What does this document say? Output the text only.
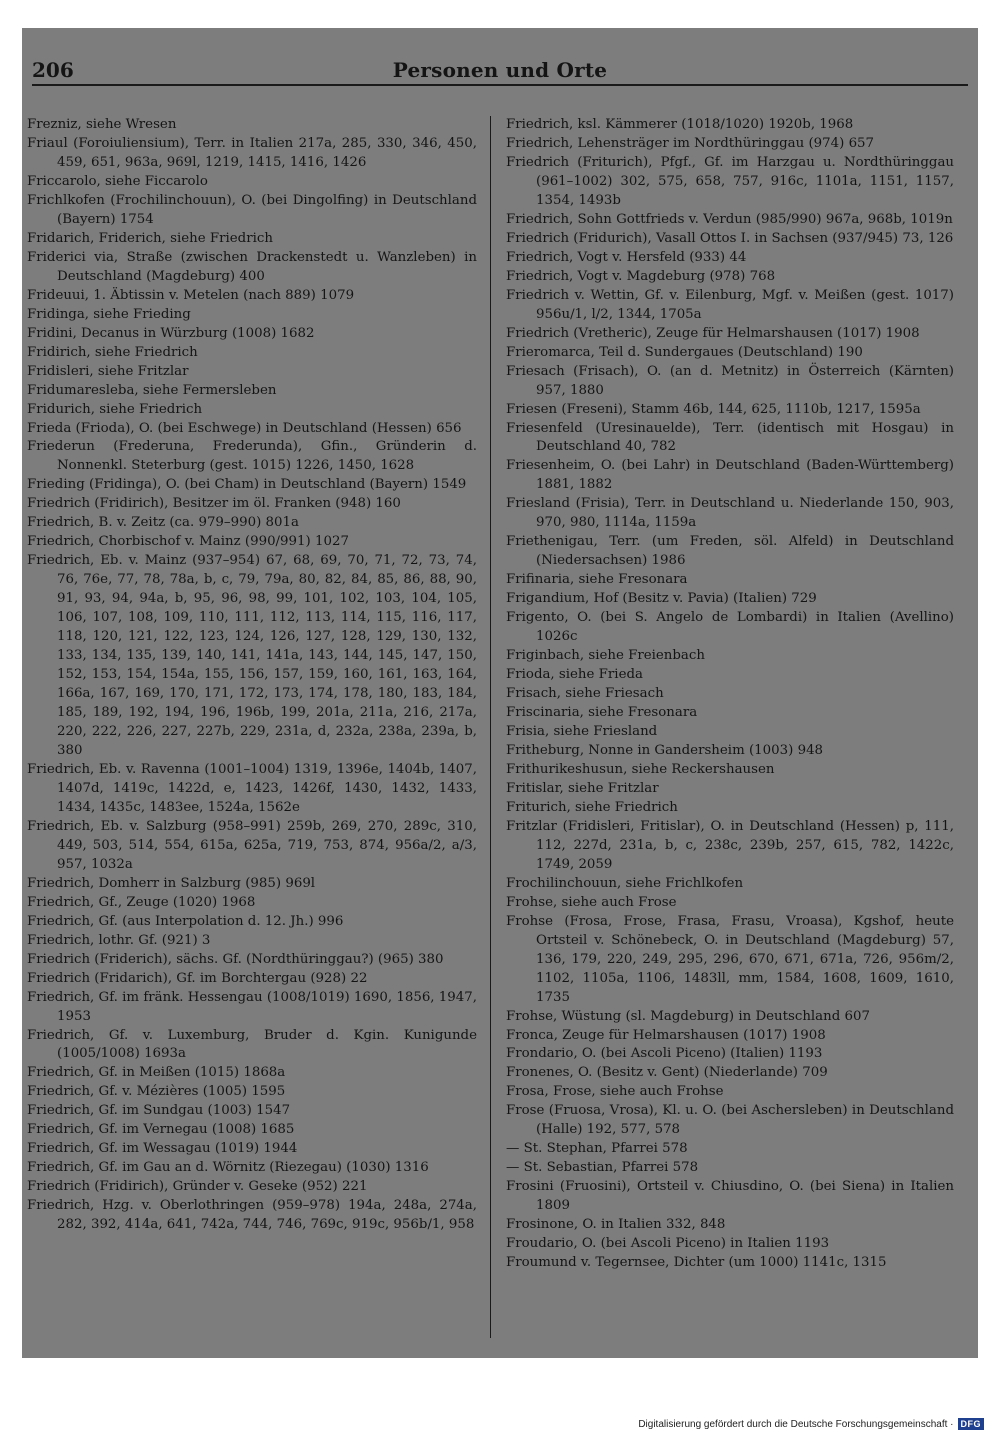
206	Personen und Orte

Frezniz, siehe Wresen

Friaul (Foroiuliensium), Terr. in Italien 217a, 285, 330, 346, 450, 459, 651, 963a, 969l, 1219, 1415, 1416, 1426

Friccarolo, siehe Ficcarolo

Frichlkofen (Frochilinchouun), O. (bei Dingolfing) in Deutschland (Bayern) 1754

Fridarich, Friderich, siehe Friedrich

Friderici via, Straße (zwischen Drackenstedt u. Wanzleben) in Deutschland (Magdeburg) 400

Frideuui, 1. Äbtissin v. Metelen (nach 889) 1079

Fridinga, siehe Frieding

Fridini, Decanus in Würzburg (1008) 1682

Fridirich, siehe Friedrich

Fridisleri, siehe Fritzlar

Fridumaresleba, siehe Fermersleben

Fridurich, siehe Friedrich

Frieda (Frioda), O. (bei Eschwege) in Deutschland (Hessen) 656

Friederun (Frederuna, Frederunda), Gfin., Gründerin d. Nonnenkl. Steterburg (gest. 1015) 1226, 1450, 1628

Frieding (Fridinga), O. (bei Cham) in Deutschland (Bayern) 1549

Friedrich (Fridirich), Besitzer im öl. Franken (948) 160

Friedrich, B. v. Zeitz (ca. 979–990) 801a

Friedrich, Chorbischof v. Mainz (990/991) 1027

Friedrich, Eb. v. Mainz (937–954) 67, 68, 69, 70, 71, 72, 73, 74, 76, 76e, 77, 78, 78a, b, c, 79, 79a, 80, 82, 84, 85, 86, 88, 90, 91, 93, 94, 94a, b, 95, 96, 98, 99, 101, 102, 103, 104, 105, 106, 107, 108, 109, 110, 111, 112, 113, 114, 115, 116, 117, 118, 120, 121, 122, 123, 124, 126, 127, 128, 129, 130, 132, 133, 134, 135, 139, 140, 141, 141a, 143, 144, 145, 147, 150, 152, 153, 154, 154a, 155, 156, 157, 159, 160, 161, 163, 164, 166a, 167, 169, 170, 171, 172, 173, 174, 178, 180, 183, 184, 185, 189, 192, 194, 196, 196b, 199, 201a, 211a, 216, 217a, 220, 222, 226, 227, 227b, 229, 231a, d, 232a, 238a, 239a, b, 380

Friedrich, Eb. v. Ravenna (1001–1004) 1319, 1396e, 1404b, 1407, 1407d, 1419c, 1422d, e, 1423, 1426f, 1430, 1432, 1433, 1434, 1435c, 1483ee, 1524a, 1562e

Friedrich, Eb. v. Salzburg (958–991) 259b, 269, 270, 289c, 310, 449, 503, 514, 554, 615a, 625a, 719, 753, 874, 956a/2, a/3, 957, 1032a

Friedrich, Domherr in Salzburg (985) 969l

Friedrich, Gf., Zeuge (1020) 1968

Friedrich, Gf. (aus Interpolation d. 12. Jh.) 996

Friedrich, lothr. Gf. (921) 3

Friedrich (Friderich), sächs. Gf. (Nordthüringgau?) (965) 380

Friedrich (Fridarich), Gf. im Borchtergau (928) 22

Friedrich, Gf. im fränk. Hessengau (1008/1019) 1690, 1856, 1947, 1953

Friedrich, Gf. v. Luxemburg, Bruder d. Kgin. Kunigunde (1005/1008) 1693a

Friedrich, Gf. in Meißen (1015) 1868a

Friedrich, Gf. v. Mézières (1005) 1595

Friedrich, Gf. im Sundgau (1003) 1547

Friedrich, Gf. im Vernegau (1008) 1685

Friedrich, Gf. im Wessagau (1019) 1944

Friedrich, Gf. im Gau an d. Wörnitz (Riezegau) (1030) 1316

Friedrich (Fridirich), Gründer v. Geseke (952) 221

Friedrich, Hzg. v. Oberlothringen (959–978) 194a, 248a, 274a, 282, 392, 414a, 641, 742a, 744, 746, 769c, 919c, 956b/1, 958

Friedrich, ksl. Kämmerer (1018/1020) 1920b, 1968

Friedrich, Lehensträger im Nordthüringgau (974) 657

Friedrich (Friturich), Pfgf., Gf. im Harzgau u. Nordthüringgau (961–1002) 302, 575, 658, 757, 916c, 1101a, 1151, 1157, 1354, 1493b

Friedrich, Sohn Gottfrieds v. Verdun (985/990) 967a, 968b, 1019n

Friedrich (Fridurich), Vasall Ottos I. in Sachsen (937/945) 73, 126

Friedrich, Vogt v. Hersfeld (933) 44

Friedrich, Vogt v. Magdeburg (978) 768

Friedrich v. Wettin, Gf. v. Eilenburg, Mgf. v. Meißen (gest. 1017) 956u/1, l/2, 1344, 1705a

Friedrich (Vretheric), Zeuge für Helmarshausen (1017) 1908

Frieromarca, Teil d. Sundergaues (Deutschland) 190

Friesach (Frisach), O. (an d. Metnitz) in Österreich (Kärnten) 957, 1880

Friesen (Freseni), Stamm 46b, 144, 625, 1110b, 1217, 1595a

Friesenfeld (Uresinauelde), Terr. (identisch mit Hosgau) in Deutschland 40, 782

Friesenheim, O. (bei Lahr) in Deutschland (Baden-Württemberg) 1881, 1882

Friesland (Frisia), Terr. in Deutschland u. Niederlande 150, 903, 970, 980, 1114a, 1159a

Friethenigau, Terr. (um Freden, söl. Alfeld) in Deutschland (Niedersachsen) 1986

Frifinaria, siehe Fresonara

Frigandium, Hof (Besitz v. Pavia) (Italien) 729

Frigento, O. (bei S. Angelo de Lombardi) in Italien (Avellino) 1026c

Friginbach, siehe Freienbach

Frioda, siehe Frieda

Frisach, siehe Friesach

Friscinaria, siehe Fresonara

Frisia, siehe Friesland

Fritheburg, Nonne in Gandersheim (1003) 948

Frithurikeshusun, siehe Reckershausen

Fritislar, siehe Fritzlar

Friturich, siehe Friedrich

Fritzlar (Fridisleri, Fritislar), O. in Deutschland (Hessen) p, 111, 112, 227d, 231a, b, c, 238c, 239b, 257, 615, 782, 1422c, 1749, 2059

Frochilinchouun, siehe Frichlkofen

Frohse, siehe auch Frose

Frohse (Frosa, Frose, Frasa, Frasu, Vroasa), Kgshof, heute Ortsteil v. Schönebeck, O. in Deutschland (Magdeburg) 57, 136, 179, 220, 249, 295, 296, 670, 671, 671a, 726, 956m/2, 1102, 1105a, 1106, 1483ll, mm, 1584, 1608, 1609, 1610, 1735

Frohse, Wüstung (sl. Magdeburg) in Deutschland 607

Fronca, Zeuge für Helmarshausen (1017) 1908

Frondario, O. (bei Ascoli Piceno) (Italien) 1193

Fronenes, O. (Besitz v. Gent) (Niederlande) 709

Frosa, Frose, siehe auch Frohse

Frose (Fruosa, Vrosa), Kl. u. O. (bei Aschersleben) in Deutschland (Halle) 192, 577, 578

— St. Stephan, Pfarrei 578

— St. Sebastian, Pfarrei 578

Frosini (Fruosini), Ortsteil v. Chiusdino, O. (bei Siena) in Italien 1809

Frosinone, O. in Italien 332, 848

Froudario, O. (bei Ascoli Piceno) in Italien 1193

Froumund v. Tegernsee, Dichter (um 1000) 1141c, 1315

Digitalisierung gefördert durch die Deutsche Forschungsgemeinschaft · DFG
